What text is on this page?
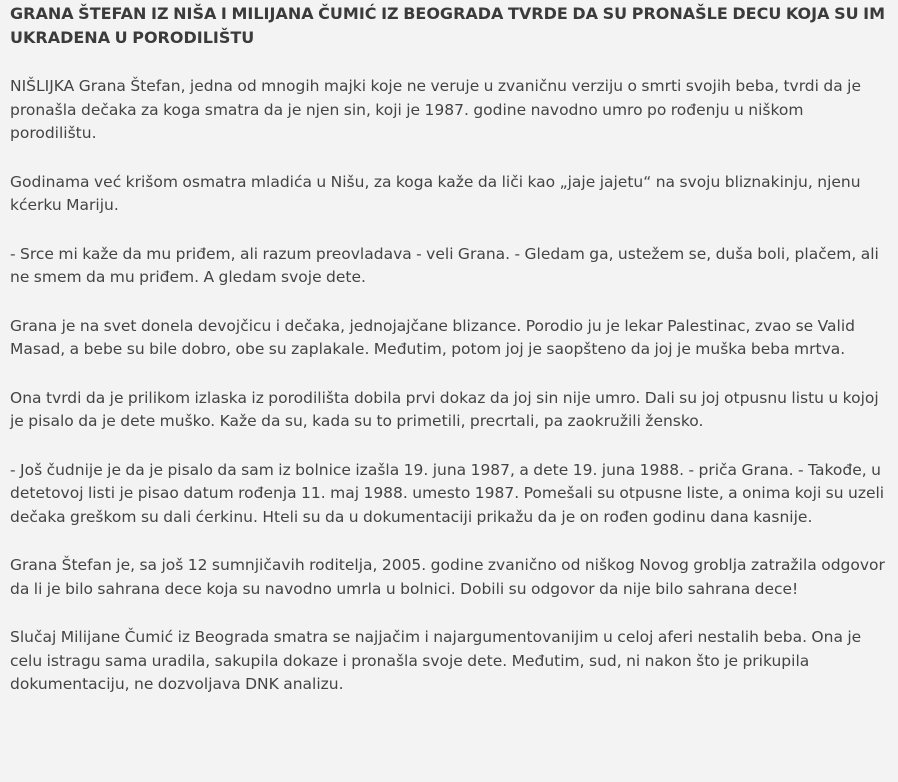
GRANA ŠTEFAN IZ NIŠA I MILIJANA ČUMIĆ IZ BEOGRADA TVRDE DA SU PRONAŠLE DECU KOJA SU IM UKRADENA U PORODILIŠTU

NIŠLIJKA Grana Štefan, jedna od mnogih majki koje ne veruje u zvaničnu verziju o smrti svojih beba, tvrdi da je pronašla dečaka za koga smatra da je njen sin, koji je 1987. godine navodno umro po rođenju u niškom porodilištu.

Godinama već krišom osmatra mladića u Nišu, za koga kaže da liči kao „jaje jajetu“ na svoju bliznakinju, njenu kćerku Mariju.

- Srce mi kaže da mu priđem, ali razum preovladava - veli Grana. - Gledam ga, ustežem se, duša boli, plačem, ali ne smem da mu priđem. A gledam svoje dete.

Grana je na svet donela devojčicu i dečaka, jednojajčane blizance. Porodio ju je lekar Palestinac, zvao se Valid Masad, a bebe su bile dobro, obe su zaplakale. Međutim, potom joj je saopšteno da joj je muška beba mrtva.

Ona tvrdi da je prilikom izlaska iz porodilišta dobila prvi dokaz da joj sin nije umro. Dali su joj otpusnu listu u kojoj je pisalo da je dete muško. Kaže da su, kada su to primetili, precrtali, pa zaokružili žensko.

- Još čudnije je da je pisalo da sam iz bolnice izašla 19. juna 1987, a dete 19. juna 1988. - priča Grana. - Takođe, u detetovoj listi je pisao datum rođenja 11. maj 1988. umesto 1987. Pomešali su otpusne liste, a onima koji su uzeli dečaka greškom su dali ćerkinu. Hteli su da u dokumentaciji prikažu da je on rođen godinu dana kasnije.

Grana Štefan je, sa još 12 sumnjičavih roditelja, 2005. godine zvanično od niškog Novog groblja zatražila odgovor da li je bilo sahrana dece koja su navodno umrla u bolnici. Dobili su odgovor da nije bilo sahrana dece!

Slučaj Milijane Čumić iz Beograda smatra se najjačim i najargumentovanijim u celoj aferi nestalih beba. Ona je celu istragu sama uradila, sakupila dokaze i pronašla svoje dete. Međutim, sud, ni nakon što je prikupila dokumentaciju, ne dozvoljava DNK analizu.
